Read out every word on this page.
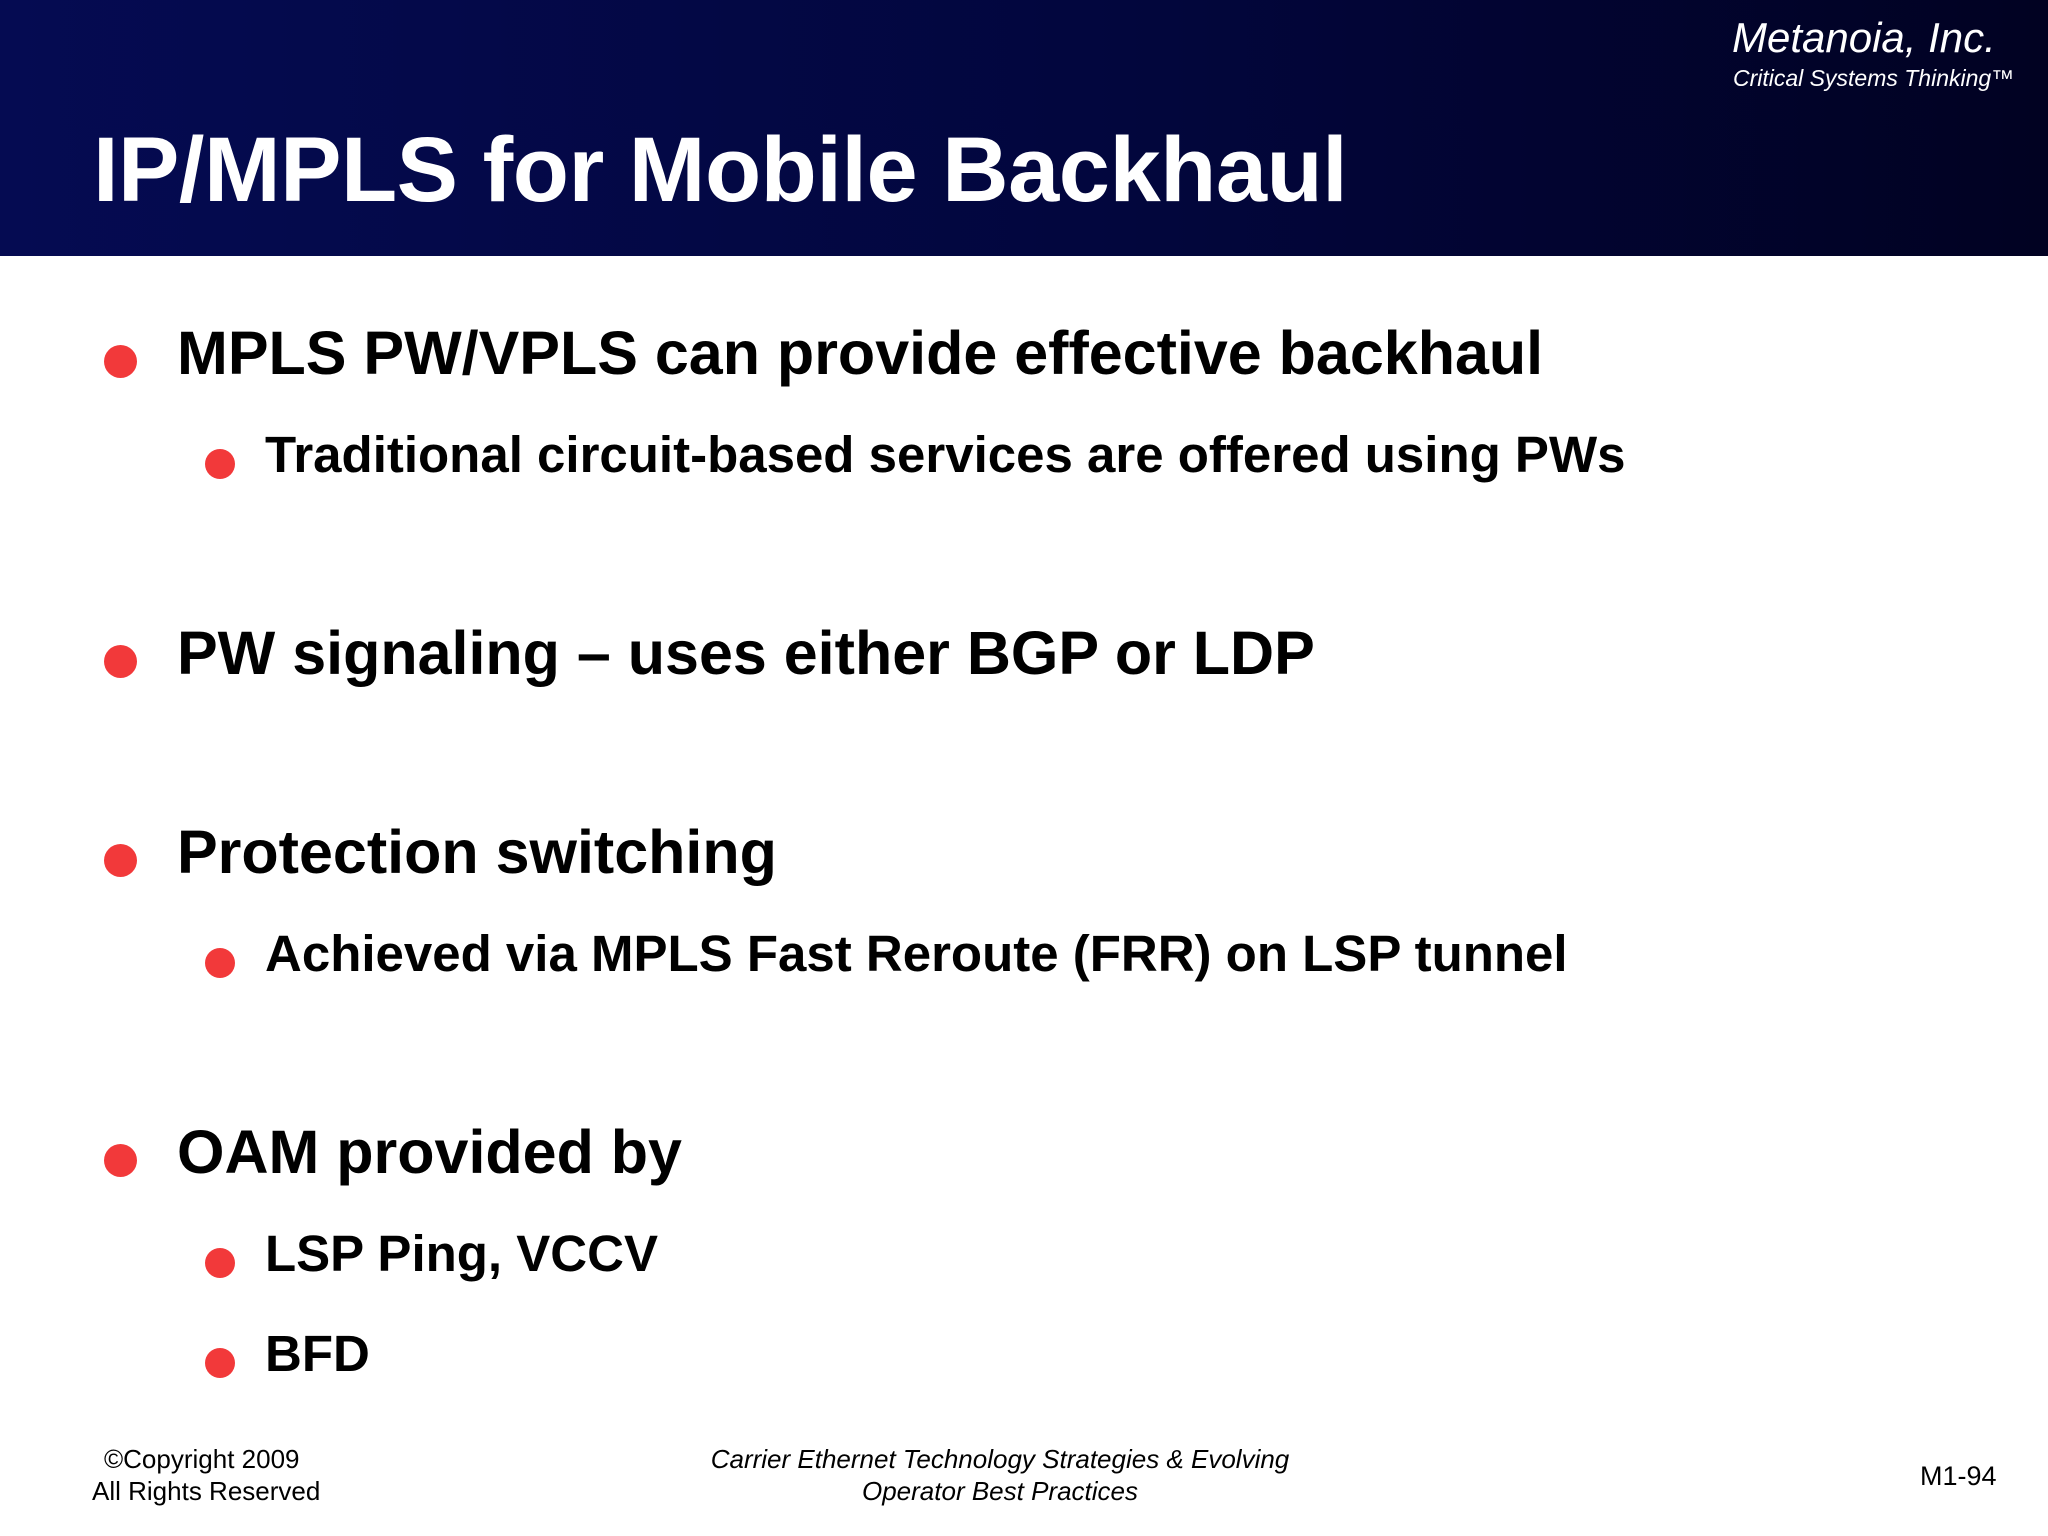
Metanoia, Inc.
Critical Systems Thinking™
IP/MPLS for Mobile Backhaul
MPLS PW/VPLS can provide effective backhaul
Traditional circuit-based services are offered using PWs
PW signaling – uses either BGP or LDP
Protection switching
Achieved via MPLS Fast Reroute (FRR) on LSP tunnel
OAM provided by
LSP Ping, VCCV
BFD
©Copyright 2009
All Rights Reserved
Carrier Ethernet Technology Strategies & Evolving
Operator Best Practices	M1-94
